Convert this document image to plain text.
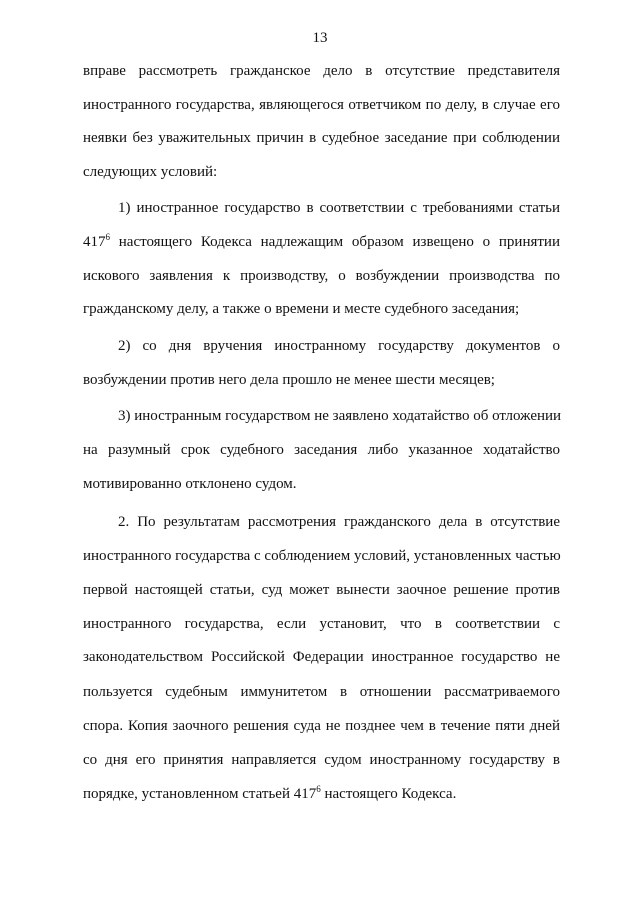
13
вправе рассмотреть гражданское дело в отсутствие представителя
иностранного государства, являющегося ответчиком по делу, в случае его
неявки без уважительных причин в судебное заседание при соблюдении
следующих условий:
1) иностранное государство в соответствии с требованиями статьи
$417^6$ настоящего Кодекса надлежащим образом извещено о принятии
искового заявления к производству, о возбуждении производства по
гражданскому делу, а также о времени и месте судебного заседания;
2) со дня вручения иностранному государству документов о
возбуждении против него дела прошло не менее шести месяцев;
3) иностранным государством не заявлено ходатайство об отложении
на разумный срок судебного заседания либо указанное ходатайство
мотивированно отклонено судом.
2. По результатам рассмотрения гражданского дела в отсутствие
иностранного государства с соблюдением условий, установленных частью
первой настоящей статьи, суд может вынести заочное решение против
иностранного государства, если установит, что в соответствии с
законодательством Российской Федерации иностранное государство не
пользуется судебным иммунитетом в отношении рассматриваемого
спора. Копия заочного решения суда не позднее чем в течение пяти дней
со дня его принятия направляется судом иностранному государству в
порядке, установленном статьей $417^6$ настоящего Кодекса.
